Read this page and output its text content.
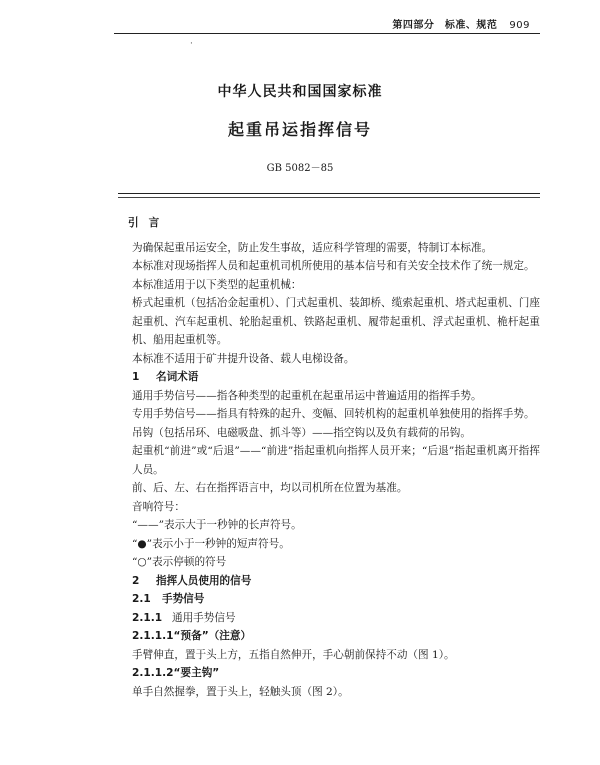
第四部分　标准、规范 909
·
中华人民共和国国家标准
起重吊运指挥信号
GB 5082－85

引言

为确保起重吊运安全，防止发生事故，适应科学管理的需要，特制订本标准。

本标准对现场指挥人员和起重机司机所使用的基本信号和有关安全技术作了统一规定。

本标准适用于以下类型的起重机械：

桥式起重机（包括冶金起重机）、门式起重机、装卸桥、缆索起重机、塔式起重机、门座起重机、汽车起重机、轮胎起重机、铁路起重机、履带起重机、浮式起重机、桅杆起重机、船用起重机等。

本标准不适用于矿井提升设备、载人电梯设备。

1 名词术语

通用手势信号——指各种类型的起重机在起重吊运中普遍适用的指挥手势。

专用手势信号——指具有特殊的起升、变幅、回转机构的起重机单独使用的指挥手势。

吊钩（包括吊环、电磁吸盘、抓斗等）——指空钩以及负有载荷的吊钩。

起重机“前进”或“后退”——“前进”指起重机向指挥人员开来；“后退”指起重机离开指挥人员。

前、后、左、右在指挥语言中，均以司机所在位置为基准。

音响符号：

“——”表示大于一秒钟的长声符号。

“●”表示小于一秒钟的短声符号。

“○”表示停顿的符号

2 指挥人员使用的信号

2.1 手势信号

2.1.1 通用手势信号

2.1.1.1“预备”（注意）

手臂伸直，置于头上方，五指自然伸开，手心朝前保持不动（图 1）。

2.1.1.2“要主钩”

单手自然握拳，置于头上，轻触头顶（图 2）。
